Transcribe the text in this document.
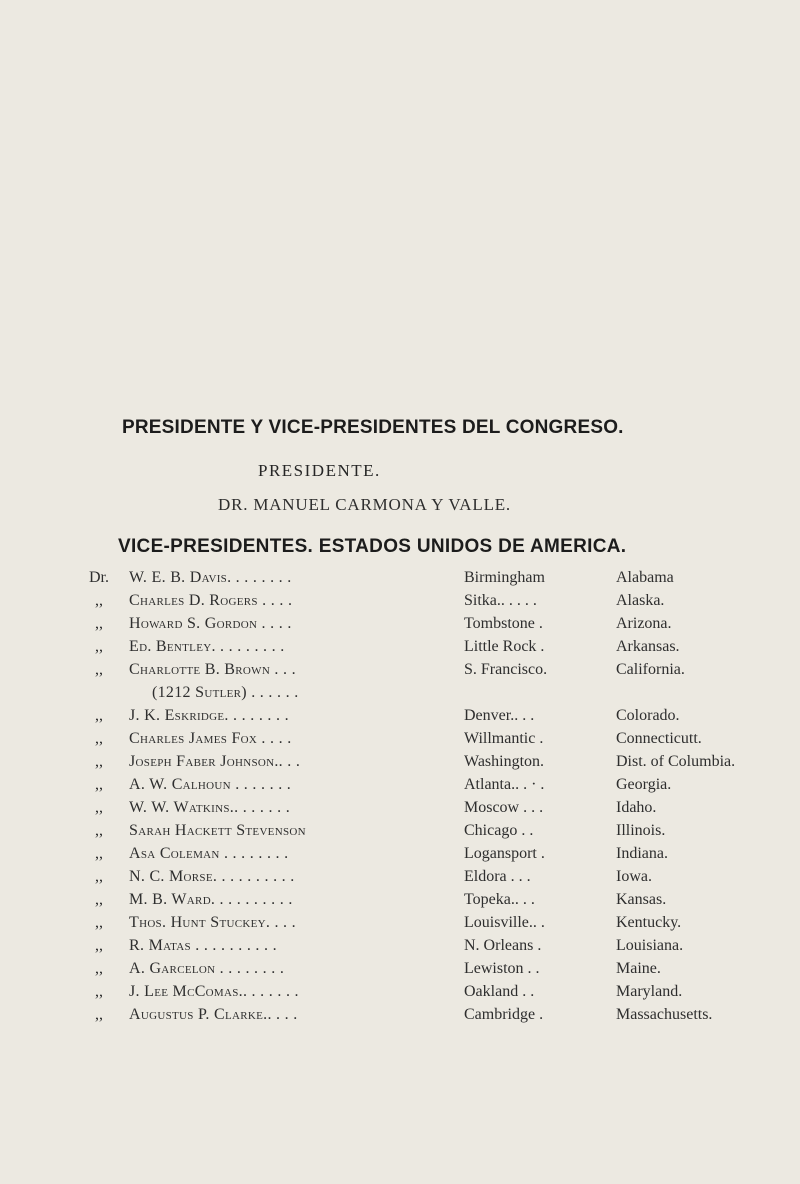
PRESIDENTE Y VICE-PRESIDENTES DEL CONGRESO.
PRESIDENTE.
DR. MANUEL CARMONA Y VALLE.
VICE-PRESIDENTES. ESTADOS UNIDOS DE AMERICA.
Dr.	W. E. B. Davis. . . . . . . .	Birmingham	Alabama
,,	Charles D. Rogers . . . .	Sitka.. . . . .	Alaska.
,,	Howard S. Gordon . . . .	Tombstone .	Arizona.
,,	Ed. Bentley. . . . . . . . .	Little Rock .	Arkansas.
,,	Charlotte B. Brown . . .	S. Francisco.	California.
(1212 Sutler) . . . . . .
,,	J. K. Eskridge. . . . . . . .	Denver.. . .	Colorado.
,,	Charles James Fox . . . .	Willmantic .	Connecticutt.
,,	Joseph Faber Johnson.. . .	Washington.	Dist. of Columbia.
,,	A. W. Calhoun . . . . . . .	Atlanta.. . · .	Georgia.
,,	W. W. Watkins.. . . . . . .	Moscow . . .	Idaho.
,,	Sarah Hackett Stevenson	Chicago . .	Illinois.
,,	Asa Coleman . . . . . . . .	Logansport .	Indiana.
,,	N. C. Morse. . . . . . . . . .	Eldora . . .	Iowa.
,,	M. B. Ward. . . . . . . . . .	Topeka.. . .	Kansas.
,,	Thos. Hunt Stuckey. . . .	Louisville.. .	Kentucky.
,,	R. Matas . . . . . . . . . .	N. Orleans .	Louisiana.
,,	A. Garcelon . . . . . . . .	Lewiston . .	Maine.
,,	J. Lee McComas.. . . . . . .	Oakland . .	Maryland.
,,	Augustus P. Clarke.. . . .	Cambridge .	Massachusetts.
